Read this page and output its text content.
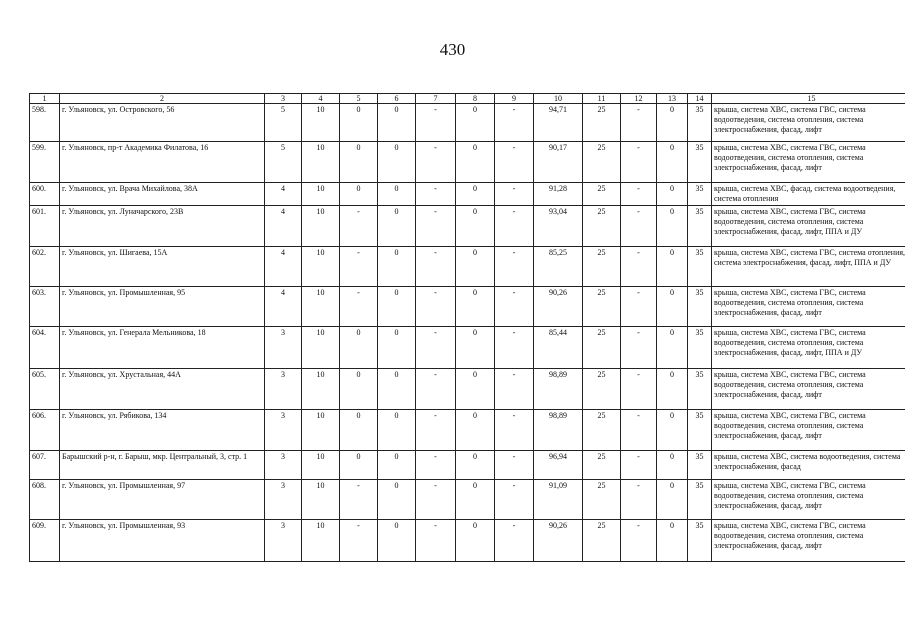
430
1	2	3	4	5	6	7	8	9	10	11	12	13	14	15
598.	г. Ульяновск, ул. Островского, 56	5	10	0	0	-	0	-	94,71	25	-	0	35	крыша, система ХВС, система ГВС, система водоотведения, система отопления, система электроснабжения, фасад, лифт
599.	г. Ульяновск, пр-т Академика Филатова, 16	5	10	0	0	-	0	-	90,17	25	-	0	35	крыша, система ХВС, система ГВС, система водоотведения, система отопления, система электроснабжения, фасад, лифт
600.	г. Ульяновск, ул. Врача Михайлова, 38А	4	10	0	0	-	0	-	91,28	25	-	0	35	крыша, система ХВС, фасад, система водоотведения, система отопления
601.	г. Ульяновск, ул. Луначарского, 23В	4	10	-	0	-	0	-	93,04	25	-	0	35	крыша, система ХВС, система ГВС, система водоотведения, система отопления, система электроснабжения, фасад, лифт, ППА и ДУ
602.	г. Ульяновск, ул. Шигаева, 15А	4	10	-	0	-	0	-	85,25	25	-	0	35	крыша, система ХВС, система ГВС, система отопления, система электроснабжения, фасад, лифт, ППА и ДУ
603.	г. Ульяновск, ул. Промышленная, 95	4	10	-	0	-	0	-	90,26	25	-	0	35	крыша, система ХВС, система ГВС, система водоотведения, система отопления, система электроснабжения, фасад, лифт
604.	г. Ульяновск, ул. Генерала Мельникова, 18	3	10	0	0	-	0	-	85,44	25	-	0	35	крыша, система ХВС, система ГВС, система водоотведения, система отопления, система электроснабжения, фасад, лифт, ППА и ДУ
605.	г. Ульяновск, ул. Хрустальная, 44А	3	10	0	0	-	0	-	98,89	25	-	0	35	крыша, система ХВС, система ГВС, система водоотведения, система отопления, система электроснабжения, фасад, лифт
606.	г. Ульяновск, ул. Рябикова, 134	3	10	0	0	-	0	-	98,89	25	-	0	35	крыша, система ХВС, система ГВС, система водоотведения, система отопления, система электроснабжения, фасад, лифт
607.	Барышский р-н, г. Барыш, мкр. Центральный, 3, стр. 1	3	10	0	0	-	0	-	96,94	25	-	0	35	крыша, система ХВС, система водоотведения, система электроснабжения, фасад
608.	г. Ульяновск, ул. Промышленная, 97	3	10	-	0	-	0	-	91,09	25	-	0	35	крыша, система ХВС, система ГВС, система водоотведения, система отопления, система электроснабжения, фасад, лифт
609.	г. Ульяновск, ул. Промышленная, 93	3	10	-	0	-	0	-	90,26	25	-	0	35	крыша, система ХВС, система ГВС, система водоотведения, система отопления, система электроснабжения, фасад, лифт
